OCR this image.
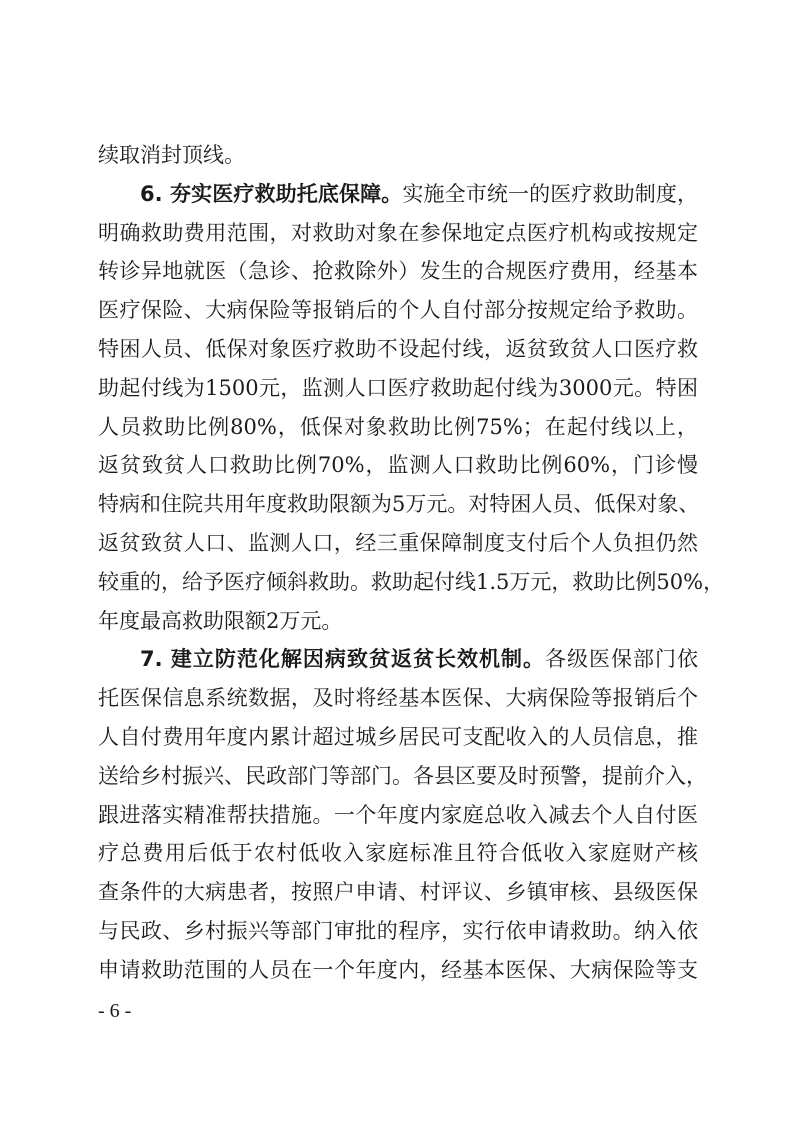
续取消封顶线。
6. 夯实医疗救助托底保障。实施全市统一的医疗救助制度，
明确救助费用范围，对救助对象在参保地定点医疗机构或按规定
转诊异地就医（急诊、抢救除外）发生的合规医疗费用，经基本
医疗保险、大病保险等报销后的个人自付部分按规定给予救助。
特困人员、低保对象医疗救助不设起付线，返贫致贫人口医疗救
助起付线为1500元，监测人口医疗救助起付线为3000元。特困
人员救助比例80%，低保对象救助比例75%；在起付线以上，
返贫致贫人口救助比例70%，监测人口救助比例60%，门诊慢
特病和住院共用年度救助限额为5万元。对特困人员、低保对象、
返贫致贫人口、监测人口，经三重保障制度支付后个人负担仍然
较重的，给予医疗倾斜救助。救助起付线1.5万元，救助比例50%，
年度最高救助限额2万元。
7. 建立防范化解因病致贫返贫长效机制。各级医保部门依
托医保信息系统数据，及时将经基本医保、大病保险等报销后个
人自付费用年度内累计超过城乡居民可支配收入的人员信息，推
送给乡村振兴、民政部门等部门。各县区要及时预警，提前介入，
跟进落实精准帮扶措施。一个年度内家庭总收入减去个人自付医
疗总费用后低于农村低收入家庭标准且符合低收入家庭财产核
查条件的大病患者，按照户申请、村评议、乡镇审核、县级医保
与民政、乡村振兴等部门审批的程序，实行依申请救助。纳入依
申请救助范围的人员在一个年度内，经基本医保、大病保险等支
- 6 -
